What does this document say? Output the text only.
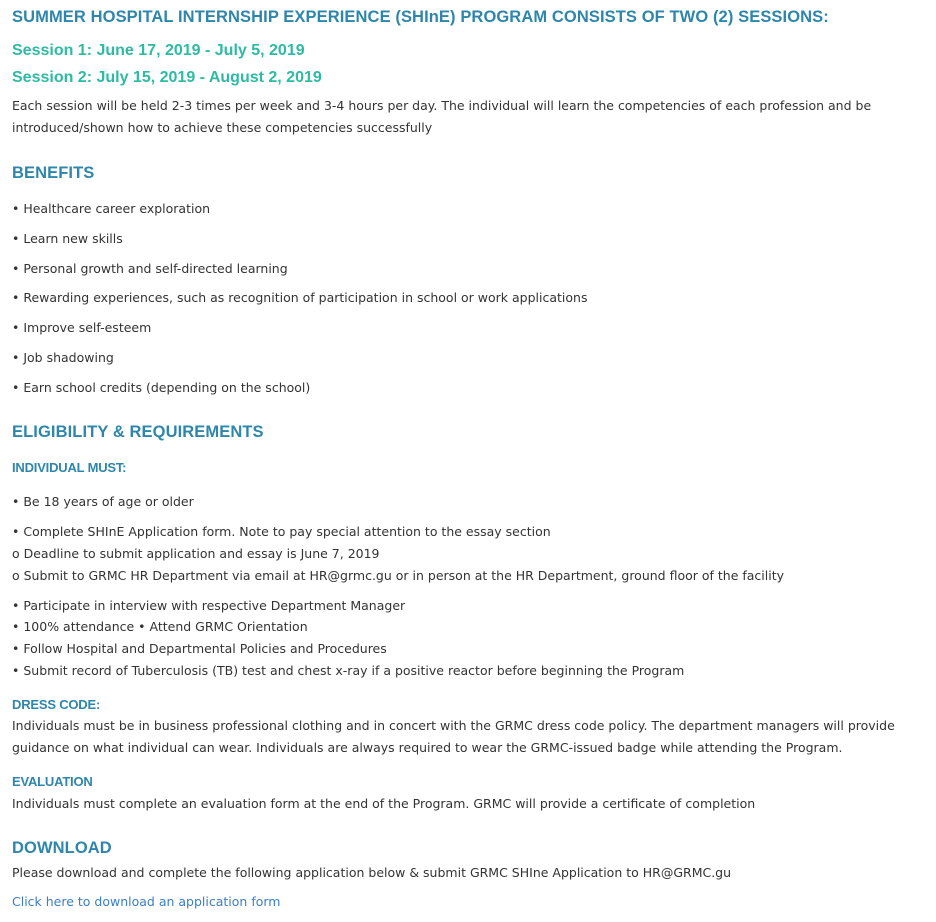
SUMMER HOSPITAL INTERNSHIP EXPERIENCE (SHInE) PROGRAM CONSISTS OF TWO (2) SESSIONS:
Session 1: June 17, 2019 - July 5, 2019
Session 2: July 15, 2019 - August 2, 2019

Each session will be held 2-3 times per week and 3-4 hours per day. The individual will learn the competencies of each profession and be introduced/shown how to achieve these competencies successfully

BENEFITS

• Healthcare career exploration

• Learn new skills

• Personal growth and self-directed learning

• Rewarding experiences, such as recognition of participation in school or work applications

• Improve self-esteem

• Job shadowing

• Earn school credits (depending on the school)

ELIGIBILITY & REQUIREMENTS
INDIVIDUAL MUST:

• Be 18 years of age or older

• Complete SHInE Application form. Note to pay special attention to the essay section

o Deadline to submit application and essay is June 7, 2019

o Submit to GRMC HR Department via email at HR@grmc.gu or in person at the HR Department, ground floor of the facility

• Participate in interview with respective Department Manager

• 100% attendance • Attend GRMC Orientation

• Follow Hospital and Departmental Policies and Procedures

• Submit record of Tuberculosis (TB) test and chest x-ray if a positive reactor before beginning the Program

DRESS CODE:

Individuals must be in business professional clothing and in concert with the GRMC dress code policy. The department managers will provide guidance on what individual can wear. Individuals are always required to wear the GRMC-issued badge while attending the Program.

EVALUATION

Individuals must complete an evaluation form at the end of the Program. GRMC will provide a certificate of completion

DOWNLOAD

Please download and complete the following application below & submit GRMC SHIne Application to HR@GRMC.gu

Click here to download an application form
